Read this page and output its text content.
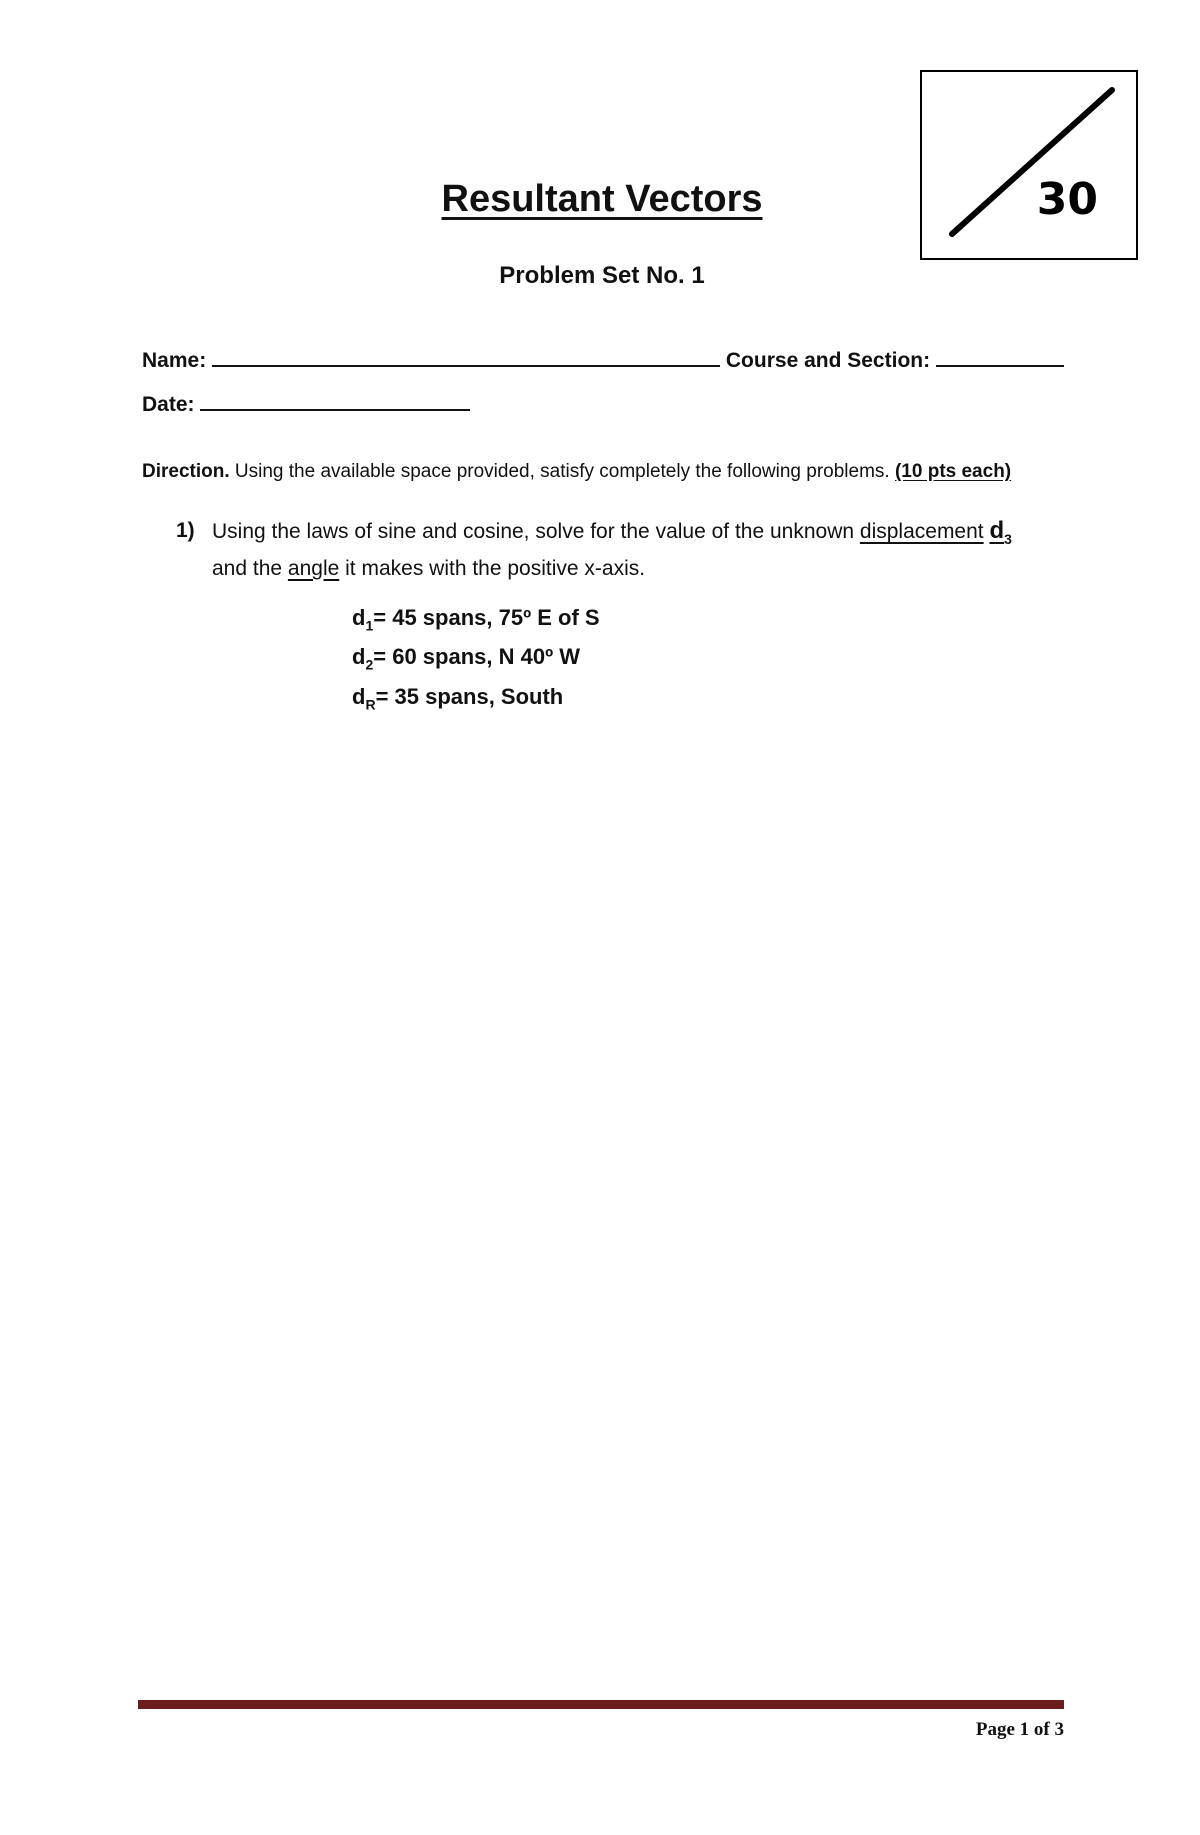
30
Resultant Vectors
Problem Set No. 1
Name:	Course and Section:
Date:
Direction. Using the available space provided, satisfy completely the following problems. (10 pts each)
1) Using the laws of sine and cosine, solve for the value of the unknown displacement $d_3$
and the angle it makes with the positive x-axis.
$d_1= 45$ spans, 75º E of S
$d_2= 60$ spans, N 40º W
$d_R= 35$ spans, South
Page 1 of 3
